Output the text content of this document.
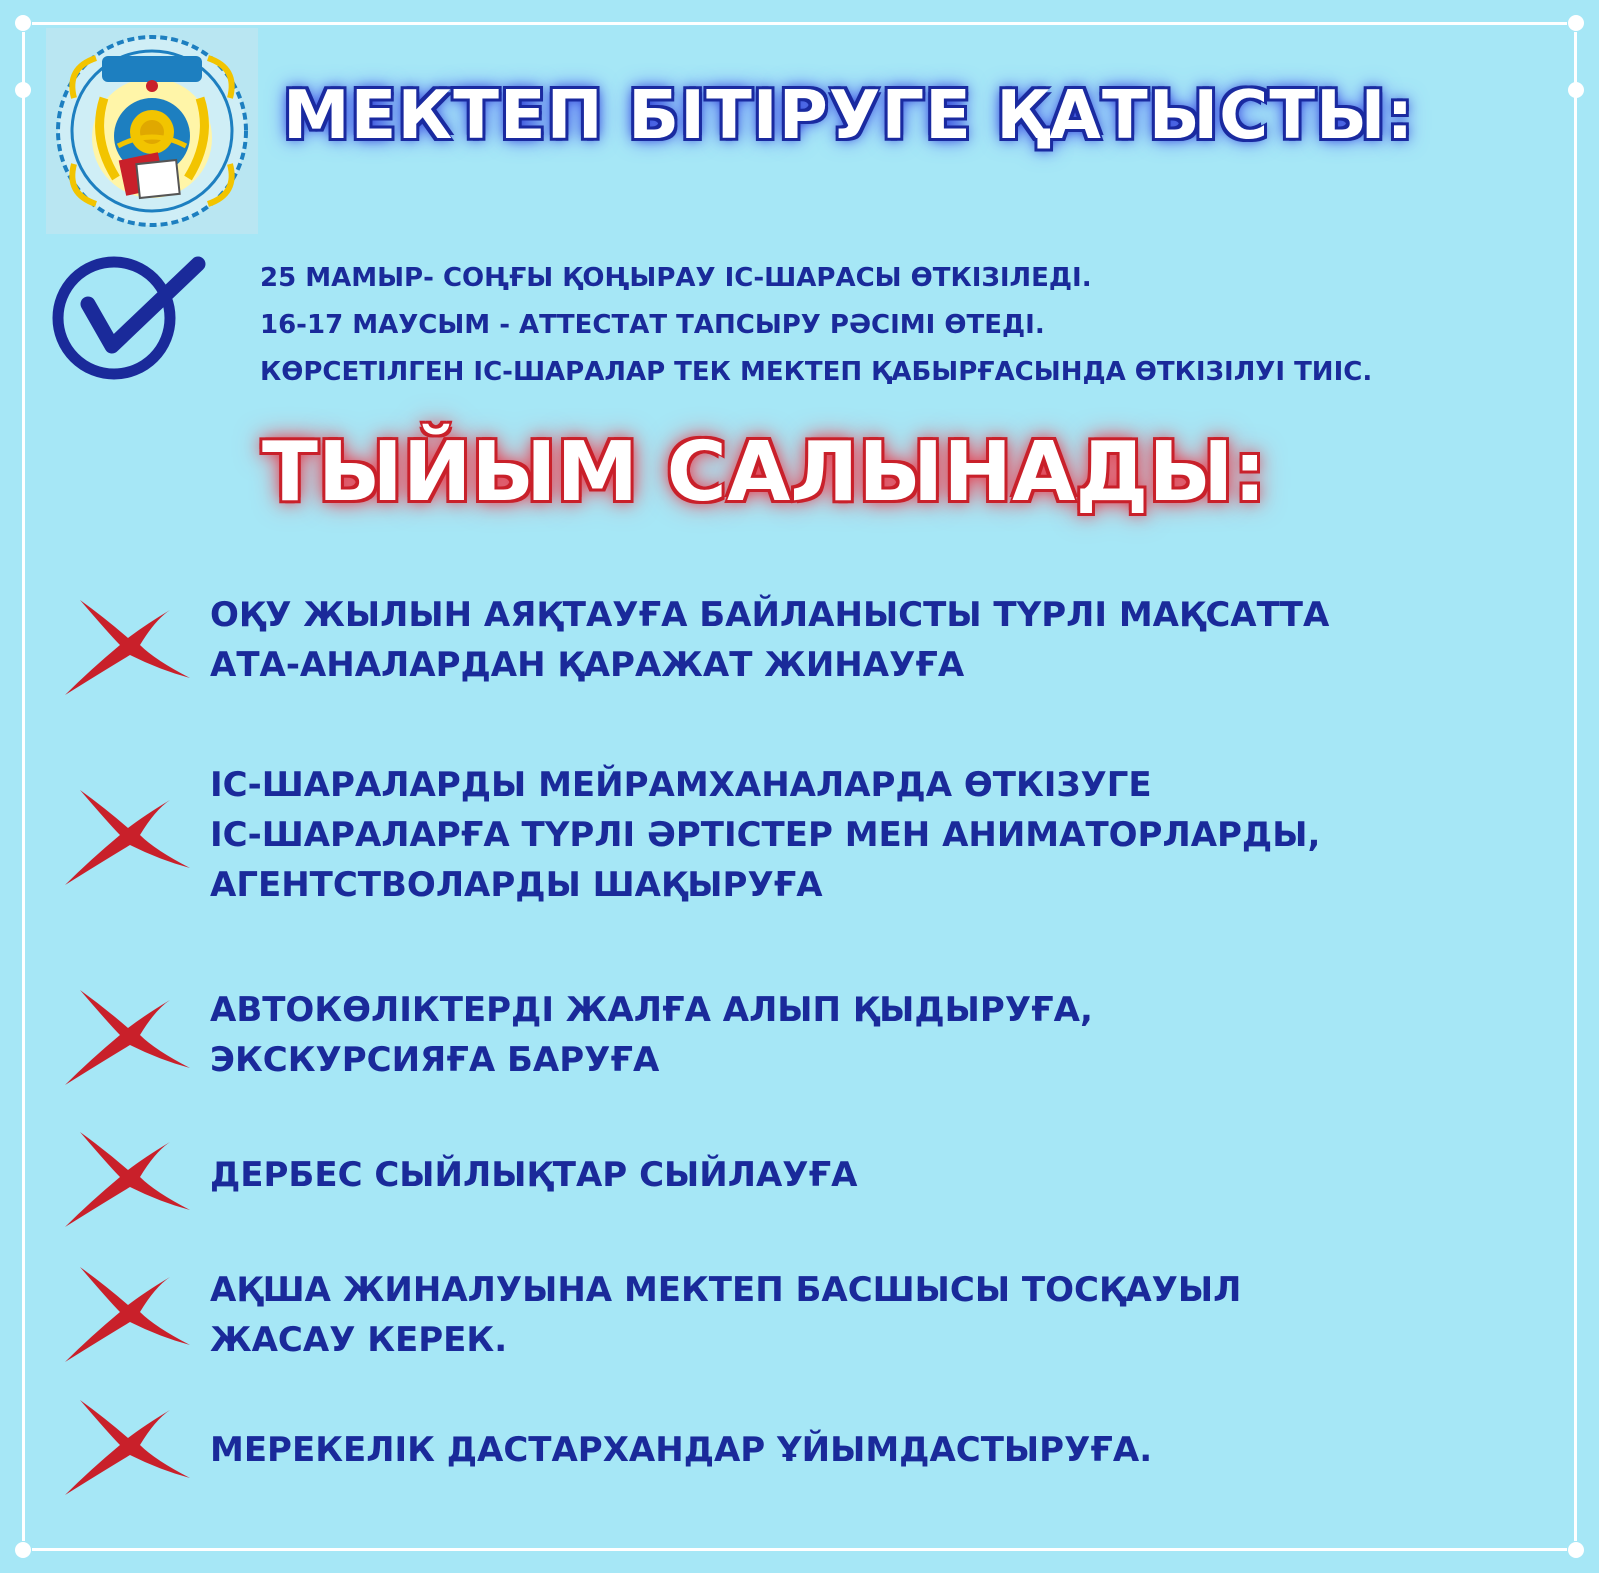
МЕКТЕП БІТІРУГЕ ҚАТЫСТЫ:
25 МАМЫР- СОҢҒЫ ҚОҢЫРАУ ІС-ШАРАСЫ ӨТКІЗІЛЕДІ.
16-17 МАУСЫМ - АТТЕСТАТ ТАПСЫРУ РӘСІМІ ӨТЕДІ.
КӨРСЕТІЛГЕН ІС-ШАРАЛАР ТЕК МЕКТЕП ҚАБЫРҒАСЫНДА ӨТКІЗІЛУІ ТИІС.
ТЫЙЫМ САЛЫНАДЫ:
ОҚУ ЖЫЛЫН АЯҚТАУҒА БАЙЛАНЫСТЫ ТҮРЛІ МАҚСАТТА
АТА-АНАЛАРДАН ҚАРАЖАТ ЖИНАУҒА
ІС-ШАРАЛАРДЫ МЕЙРАМХАНАЛАРДА ӨТКІЗУГЕ
ІС-ШАРАЛАРҒА ТҮРЛІ ӘРТІСТЕР МЕН АНИМАТОРЛАРДЫ,
АГЕНТСТВОЛАРДЫ ШАҚЫРУҒА
АВТОКӨЛІКТЕРДІ ЖАЛҒА АЛЫП ҚЫДЫРУҒА,
ЭКСКУРСИЯҒА БАРУҒА
ДЕРБЕС СЫЙЛЫҚТАР СЫЙЛАУҒА
АҚША ЖИНАЛУЫНА МЕКТЕП БАСШЫСЫ ТОСҚАУЫЛ
ЖАСАУ КЕРЕК.
МЕРЕКЕЛІК ДАСТАРХАНДАР ҰЙЫМДАСТЫРУҒА.
